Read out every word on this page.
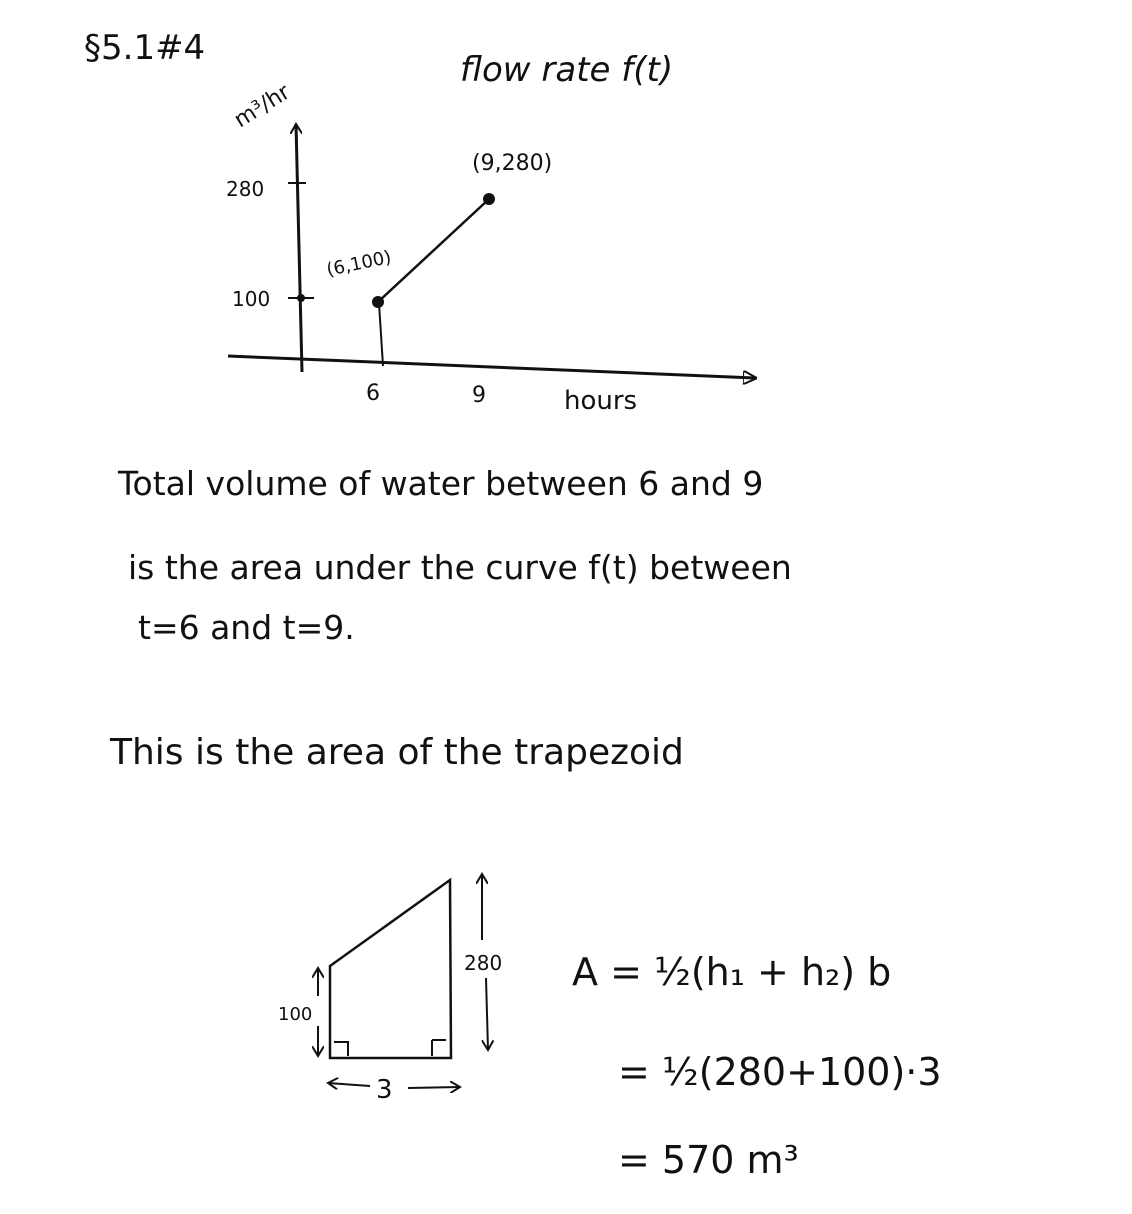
§5.1#4
flow rate f(t)
m³/hr
280
100
6	9	hours
(6,100)
(9,280)
Total volume of water between 6 and 9
is the area under the curve f(t) between
t=6 and t=9.
This is the area of the trapezoid
100
280
3
A = ½(h₁ + h₂) b
= ½(280+100)·3
= 570 m³
